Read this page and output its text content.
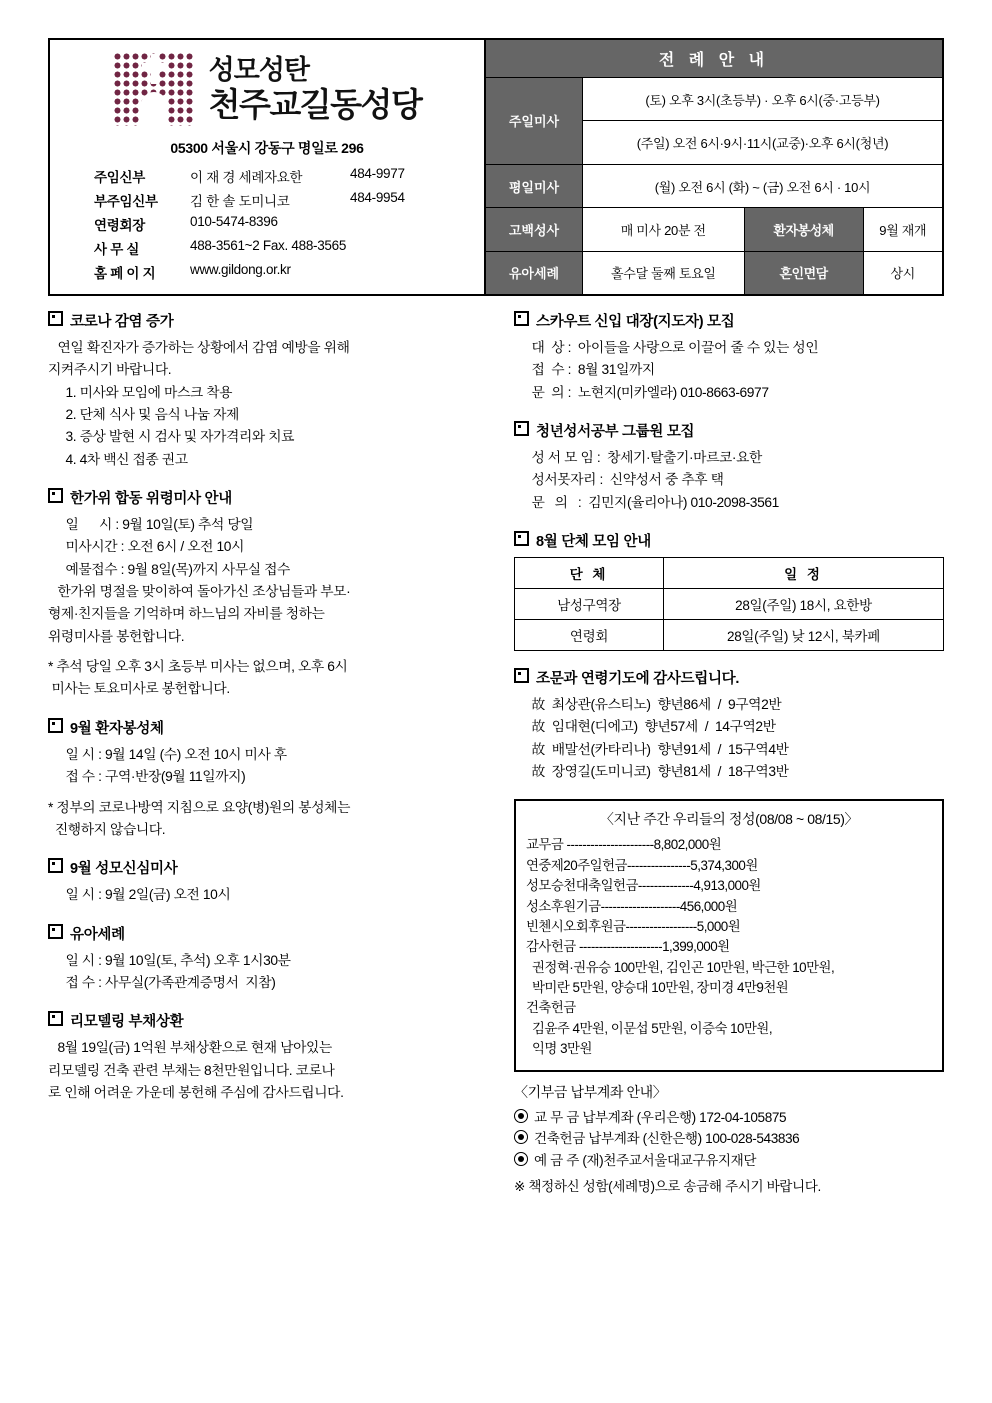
성모성탄
천주교길동성당
05300 서울시 강동구 명일로 296
주임신부	이 재 경 세례자요한	484-9977
부주임신부	김 한 솔 도미니코	484-9954
연령회장	010-5474-8396	
사 무 실	488-3561~2 Fax. 488-3565	
홈 페 이 지	www.gildong.or.kr	
전 례 안 내
주일미사	(토) 오후 3시(초등부) · 오후 6시(중·고등부)		
	(주일) 오전 6시·9시·11시(교중)·오후 6시(청년)		
평일미사	(월) 오전 6시 (화) ~ (금) 오전 6시 · 10시		
고백성사	매 미사 20분 전	환자봉성체	9월 재개
유아세례	홀수달 둘째 토요일	혼인면담	상시
코로나 감염 증가
연일 확진자가 증가하는 상황에서 감염 예방을 위해
지켜주시기 바랍니다.
1. 미사와 모임에 마스크 착용
2. 단체 식사 및 음식 나눔 자제
3. 증상 발현 시 검사 및 자가격리와 치료
4. 4차 백신 접종 권고
한가위 합동 위령미사 안내
일      시 : 9월 10일(토) 추석 당일
미사시간 : 오전 6시 / 오전 10시
예물접수 : 9월 8일(목)까지 사무실 접수
한가위 명절을 맞이하여 돌아가신 조상님들과 부모·
형제·친지들을 기억하며 하느님의 자비를 청하는
위령미사를 봉헌합니다.
* 추석 당일 오후 3시 초등부 미사는 없으며, 오후 6시
미사는 토요미사로 봉헌합니다.
9월 환자봉성체
일 시 : 9월 14일 (수) 오전 10시 미사 후
접 수 : 구역·반장(9월 11일까지)
* 정부의 코로나방역 지침으로 요양(병)원의 봉성체는
진행하지 않습니다.
9월 성모신심미사
일 시 : 9월 2일(금) 오전 10시
유아세례
일 시 : 9월 10일(토, 추석) 오후 1시30분
접 수 : 사무실(가족관계증명서  지참)
리모델링 부채상환
8월 19일(금) 1억원 부채상환으로 현재 남아있는
리모델링 건축 관련 부채는 8천만원입니다. 코로나
로 인해 어려운 가운데 봉헌해 주심에 감사드립니다.
스카우트 신입 대장(지도자) 모집
대  상 :  아이들을 사랑으로 이끌어 줄 수 있는 성인
접  수 :  8월 31일까지
문  의 :  노현지(미카엘라) 010-8663-6977
청년성서공부 그룹원 모집
성 서 모 임 :  창세기·탈출기·마르코·요한
성서못자리 :  신약성서 중 추후 택
문   의   :  김민지(율리아나) 010-2098-3561
8월 단체 모임 안내
단 체	일 정
남성구역장	28일(주일) 18시, 요한방
연령회	28일(주일) 낮 12시, 북카페
조문과 연령기도에 감사드립니다.
故  최상관(유스티노)  향년86세  /  9구역2반
故  임대현(디에고)  향년57세  /  14구역2반
故  배말선(카타리나)  향년91세  /  15구역4반
故  장영길(도미니코)  향년81세  /  18구역3반
〈지난 주간 우리들의 정성(08/08 ~ 08/15)〉
교무금 ----------------------8,802,000원
연중제20주일헌금----------------5,374,300원
성모승천대축일헌금--------------4,913,000원
성소후원기금--------------------456,000원
빈첸시오회후원금------------------5,000원
감사헌금 ---------------------1,399,000원
권정혁·권유승 100만원, 김인곤 10만원, 박근한 10만원,
박미란 5만원, 양승대 10만원, 장미경 4만9천원
건축헌금
김윤주 4만원, 이문섭 5만원, 이증숙 10만원,
익명 3만원
〈기부금 납부계좌 안내〉
교 무 금 납부계좌 (우리은행) 172-04-105875
건축헌금 납부계좌 (신한은행) 100-028-543836
예 금 주 (재)천주교서울대교구유지재단
※ 책정하신 성함(세례명)으로 송금해 주시기 바랍니다.
